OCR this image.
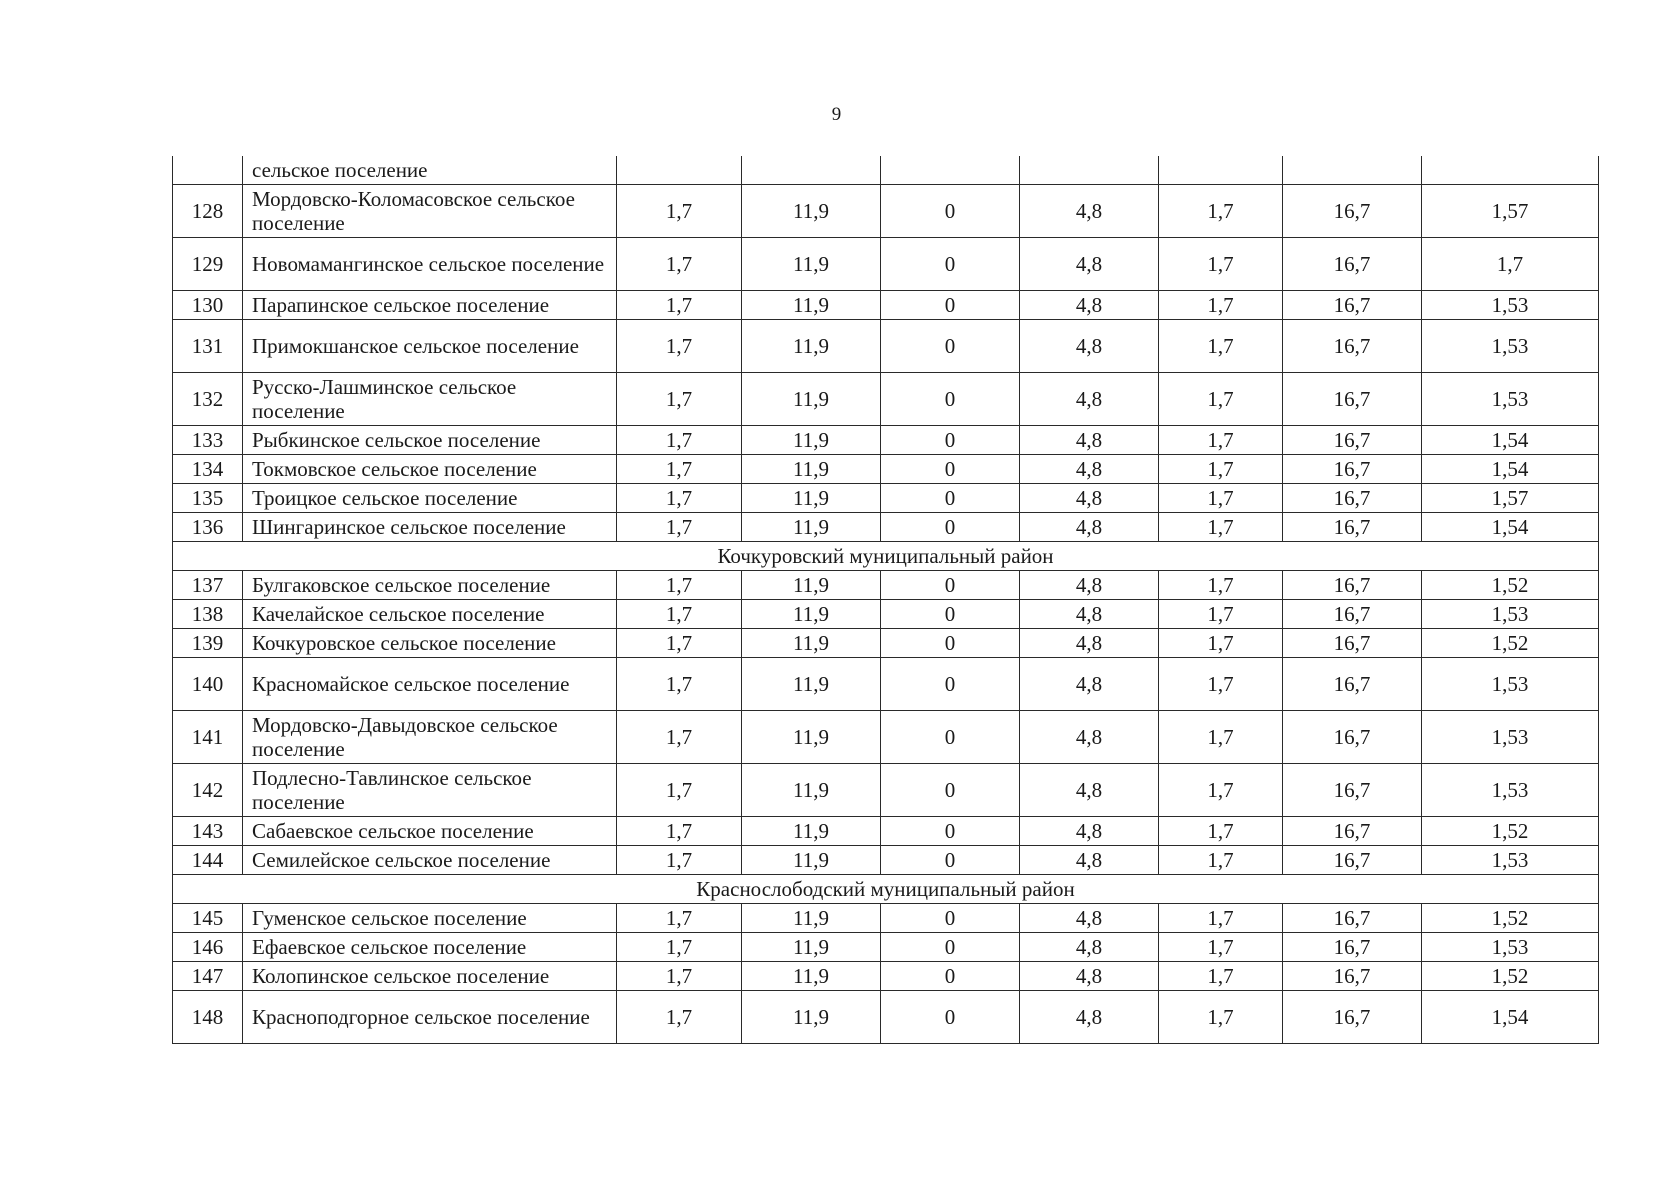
9
	сельское поселение							
128	Мордовско-Коломасовское сельское поселение	1,7	11,9	0	4,8	1,7	16,7	1,57
129	Новомамангинское сельское поселение	1,7	11,9	0	4,8	1,7	16,7	1,7
130	Парапинское сельское поселение	1,7	11,9	0	4,8	1,7	16,7	1,53
131	Примокшанское сельское поселение	1,7	11,9	0	4,8	1,7	16,7	1,53
132	Русско-Лашминское сельское поселение	1,7	11,9	0	4,8	1,7	16,7	1,53
133	Рыбкинское сельское поселение	1,7	11,9	0	4,8	1,7	16,7	1,54
134	Токмовское сельское поселение	1,7	11,9	0	4,8	1,7	16,7	1,54
135	Троицкое сельское поселение	1,7	11,9	0	4,8	1,7	16,7	1,57
136	Шингаринское сельское поселение	1,7	11,9	0	4,8	1,7	16,7	1,54
Кочкуровский муниципальный район								
137	Булгаковское сельское поселение	1,7	11,9	0	4,8	1,7	16,7	1,52
138	Качелайское сельское поселение	1,7	11,9	0	4,8	1,7	16,7	1,53
139	Кочкуровское сельское поселение	1,7	11,9	0	4,8	1,7	16,7	1,52
140	Красномайское сельское поселение	1,7	11,9	0	4,8	1,7	16,7	1,53
141	Мордовско-Давыдовское сельское поселение	1,7	11,9	0	4,8	1,7	16,7	1,53
142	Подлесно-Тавлинское сельское поселение	1,7	11,9	0	4,8	1,7	16,7	1,53
143	Сабаевское сельское поселение	1,7	11,9	0	4,8	1,7	16,7	1,52
144	Семилейское сельское поселение	1,7	11,9	0	4,8	1,7	16,7	1,53
Краснослободский муниципальный район								
145	Гуменское сельское поселение	1,7	11,9	0	4,8	1,7	16,7	1,52
146	Ефаевское сельское поселение	1,7	11,9	0	4,8	1,7	16,7	1,53
147	Колопинское сельское поселение	1,7	11,9	0	4,8	1,7	16,7	1,52
148	Красноподгорное сельское поселение	1,7	11,9	0	4,8	1,7	16,7	1,54
